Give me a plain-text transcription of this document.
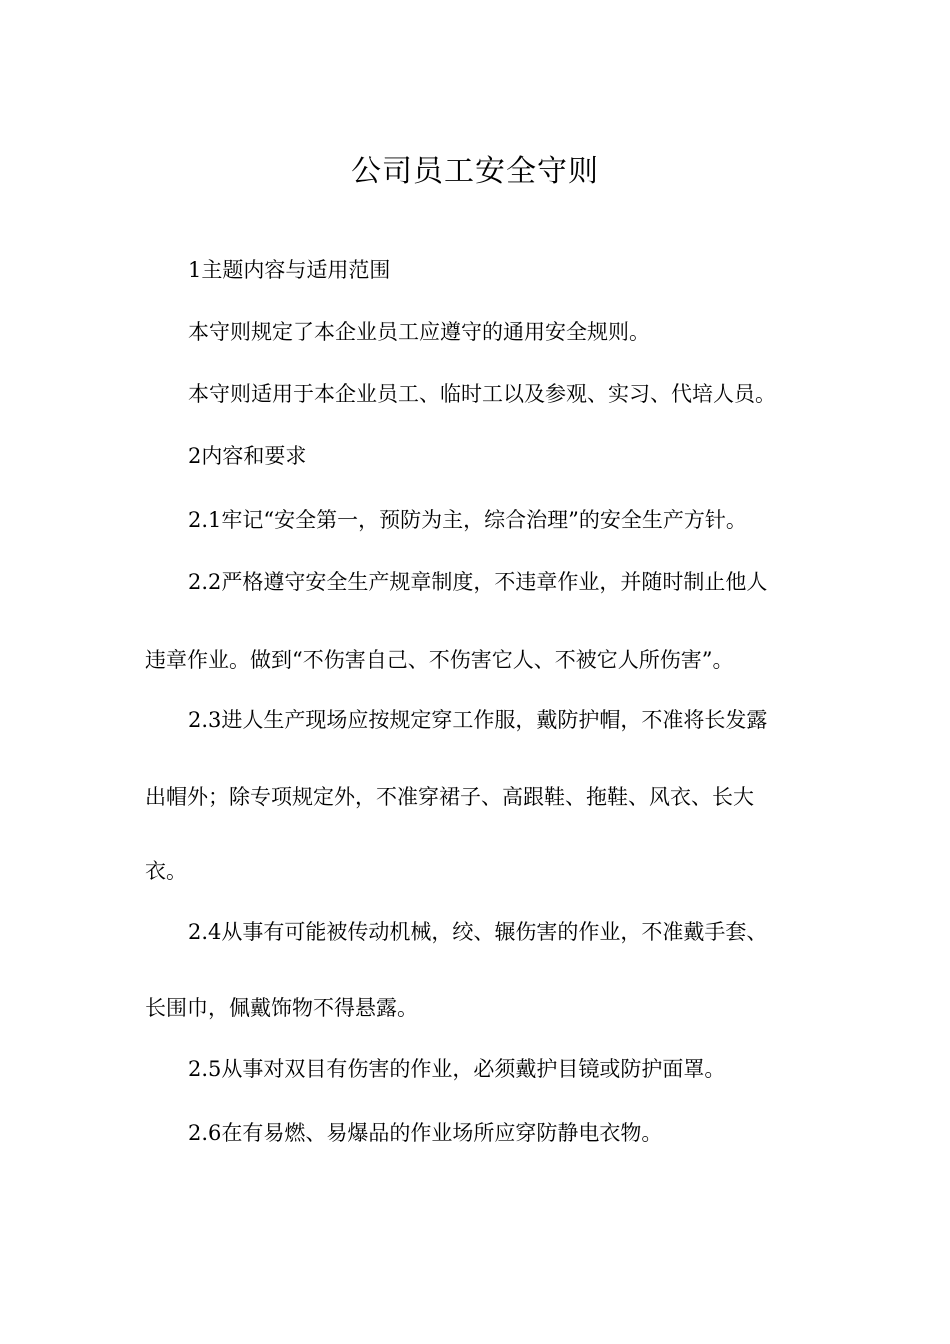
公司员工安全守则
1主题内容与适用范围
本守则规定了本企业员工应遵守的通用安全规则。
本守则适用于本企业员工、临时工以及参观、实习、代培人员。
2内容和要求
2.1牢记“安全第一，预防为主，综合治理”的安全生产方针。
2.2严格遵守安全生产规章制度，不违章作业，并随时制止他人
违章作业。做到“不伤害自己、不伤害它人、不被它人所伤害”。
2.3进人生产现场应按规定穿工作服，戴防护帽，不准将长发露
出帽外；除专项规定外，不准穿裙子、高跟鞋、拖鞋、风衣、长大
衣。
2.4从事有可能被传动机械，绞、辗伤害的作业，不准戴手套、
长围巾，佩戴饰物不得悬露。
2.5从事对双目有伤害的作业，必须戴护目镜或防护面罩。
2.6在有易燃、易爆品的作业场所应穿防静电衣物。
